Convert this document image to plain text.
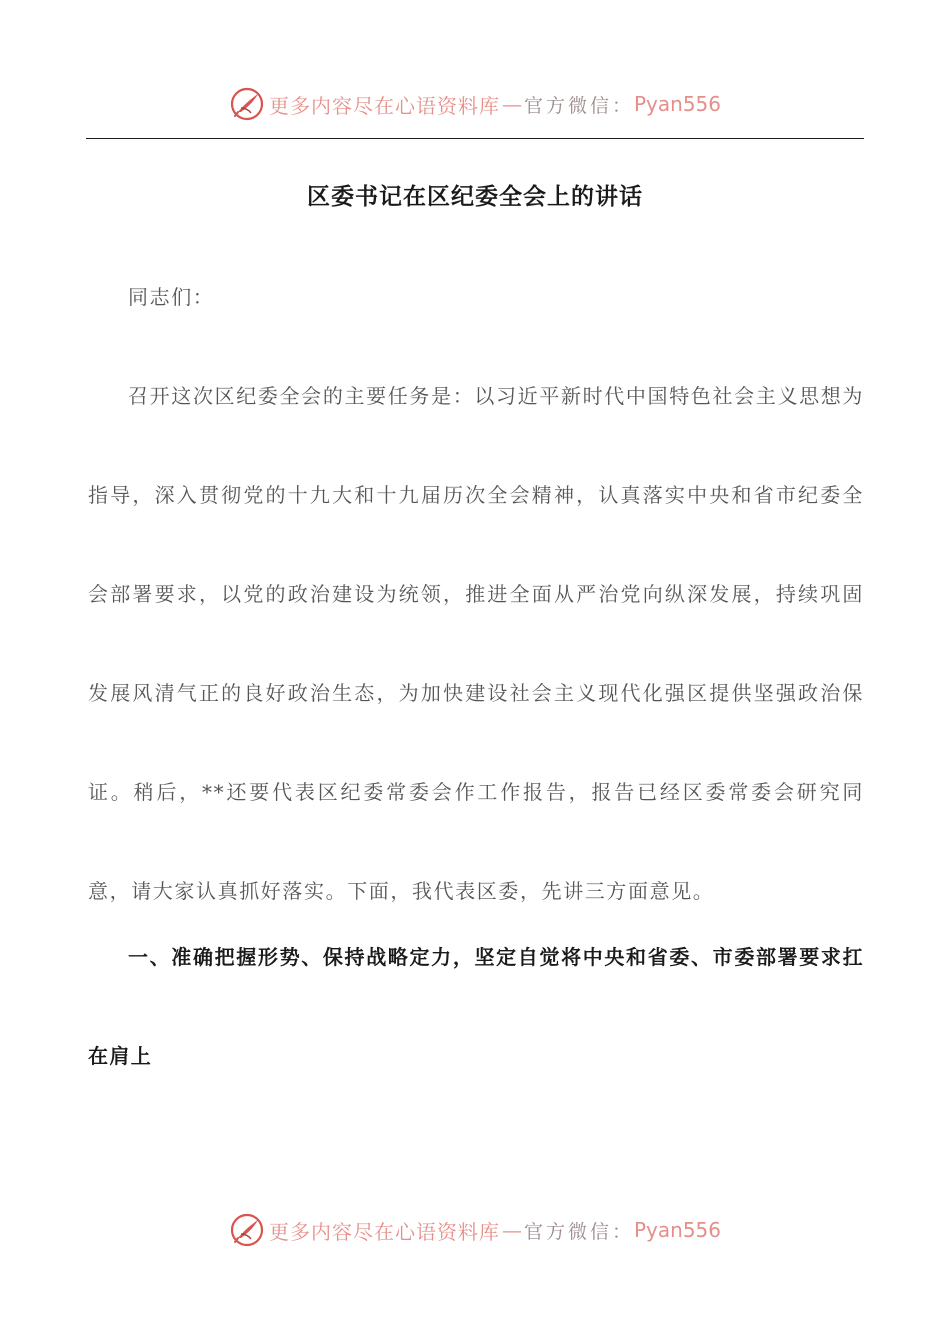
更多内容尽在心语资料库 — 官方微信： Pyan556
区委书记在区纪委全会上的讲话

同志们：

召开这次区纪委全会的主要任务是：以习近平新时代中国特色社会主义思想为指导，深入贯彻党的十九大和十九届历次全会精神，认真落实中央和省市纪委全会部署要求，以党的政治建设为统领，推进全面从严治党向纵深发展，持续巩固发展风清气正的良好政治生态，为加快建设社会主义现代化强区提供坚强政治保证。稍后，**还要代表区纪委常委会作工作报告，报告已经区委常委会研究同意，请大家认真抓好落实。下面，我代表区委，先讲三方面意见。

一、准确把握形势、保持战略定力，坚定自觉将中央和省委、市委部署要求扛在肩上
更多内容尽在心语资料库 — 官方微信： Pyan556
